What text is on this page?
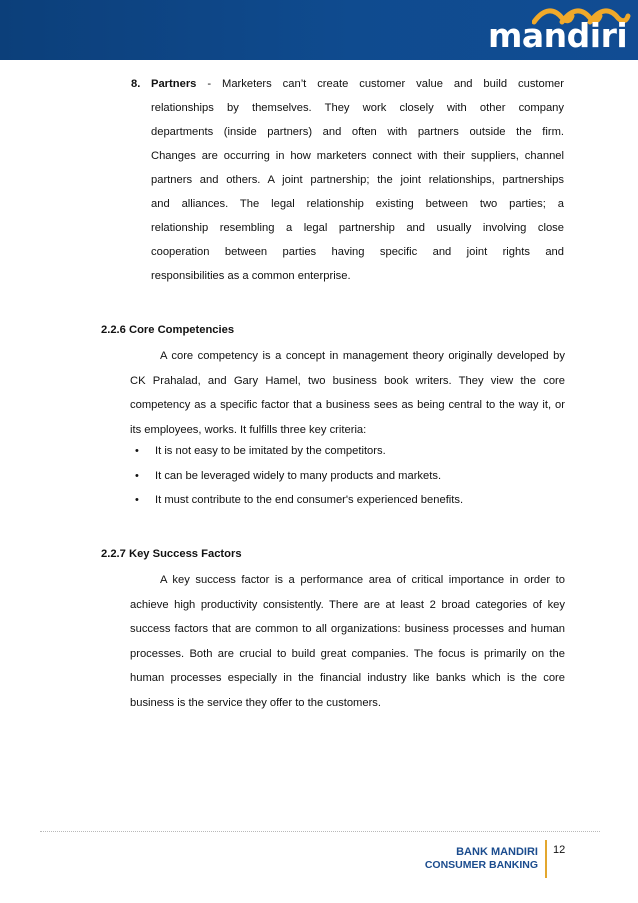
mandiri
8. Partners - Marketers can’t create customer value and build customer
relationships by themselves. They work closely with other company
departments (inside partners) and often with partners outside the firm.
Changes are occurring in how marketers connect with their suppliers, channel
partners and others. A joint partnership; the joint relationships, partnerships
and alliances. The legal relationship existing between two parties; a
relationship resembling a legal partnership and usually involving close
cooperation between parties having specific and joint rights and
responsibilities as a common enterprise.
2.2.6 Core Competencies
A core competency is a concept in management theory originally developed by CK Prahalad, and Gary Hamel, two business book writers. They view the core competency as a specific factor that a business sees as being central to the way it, or its employees, works. It fulfills three key criteria:
• It is not easy to be imitated by the competitors.
• It can be leveraged widely to many products and markets.
• It must contribute to the end consumer's experienced benefits.
2.2.7 Key Success Factors
A key success factor is a performance area of critical importance in order to achieve high productivity consistently. There are at least 2 broad categories of key success factors that are common to all organizations: business processes and human processes. Both are crucial to build great companies. The focus is primarily on the human processes especially in the financial industry like banks which is the core business is the service they offer to the customers.
BANK MANDIRI
CONSUMER BANKING
12
